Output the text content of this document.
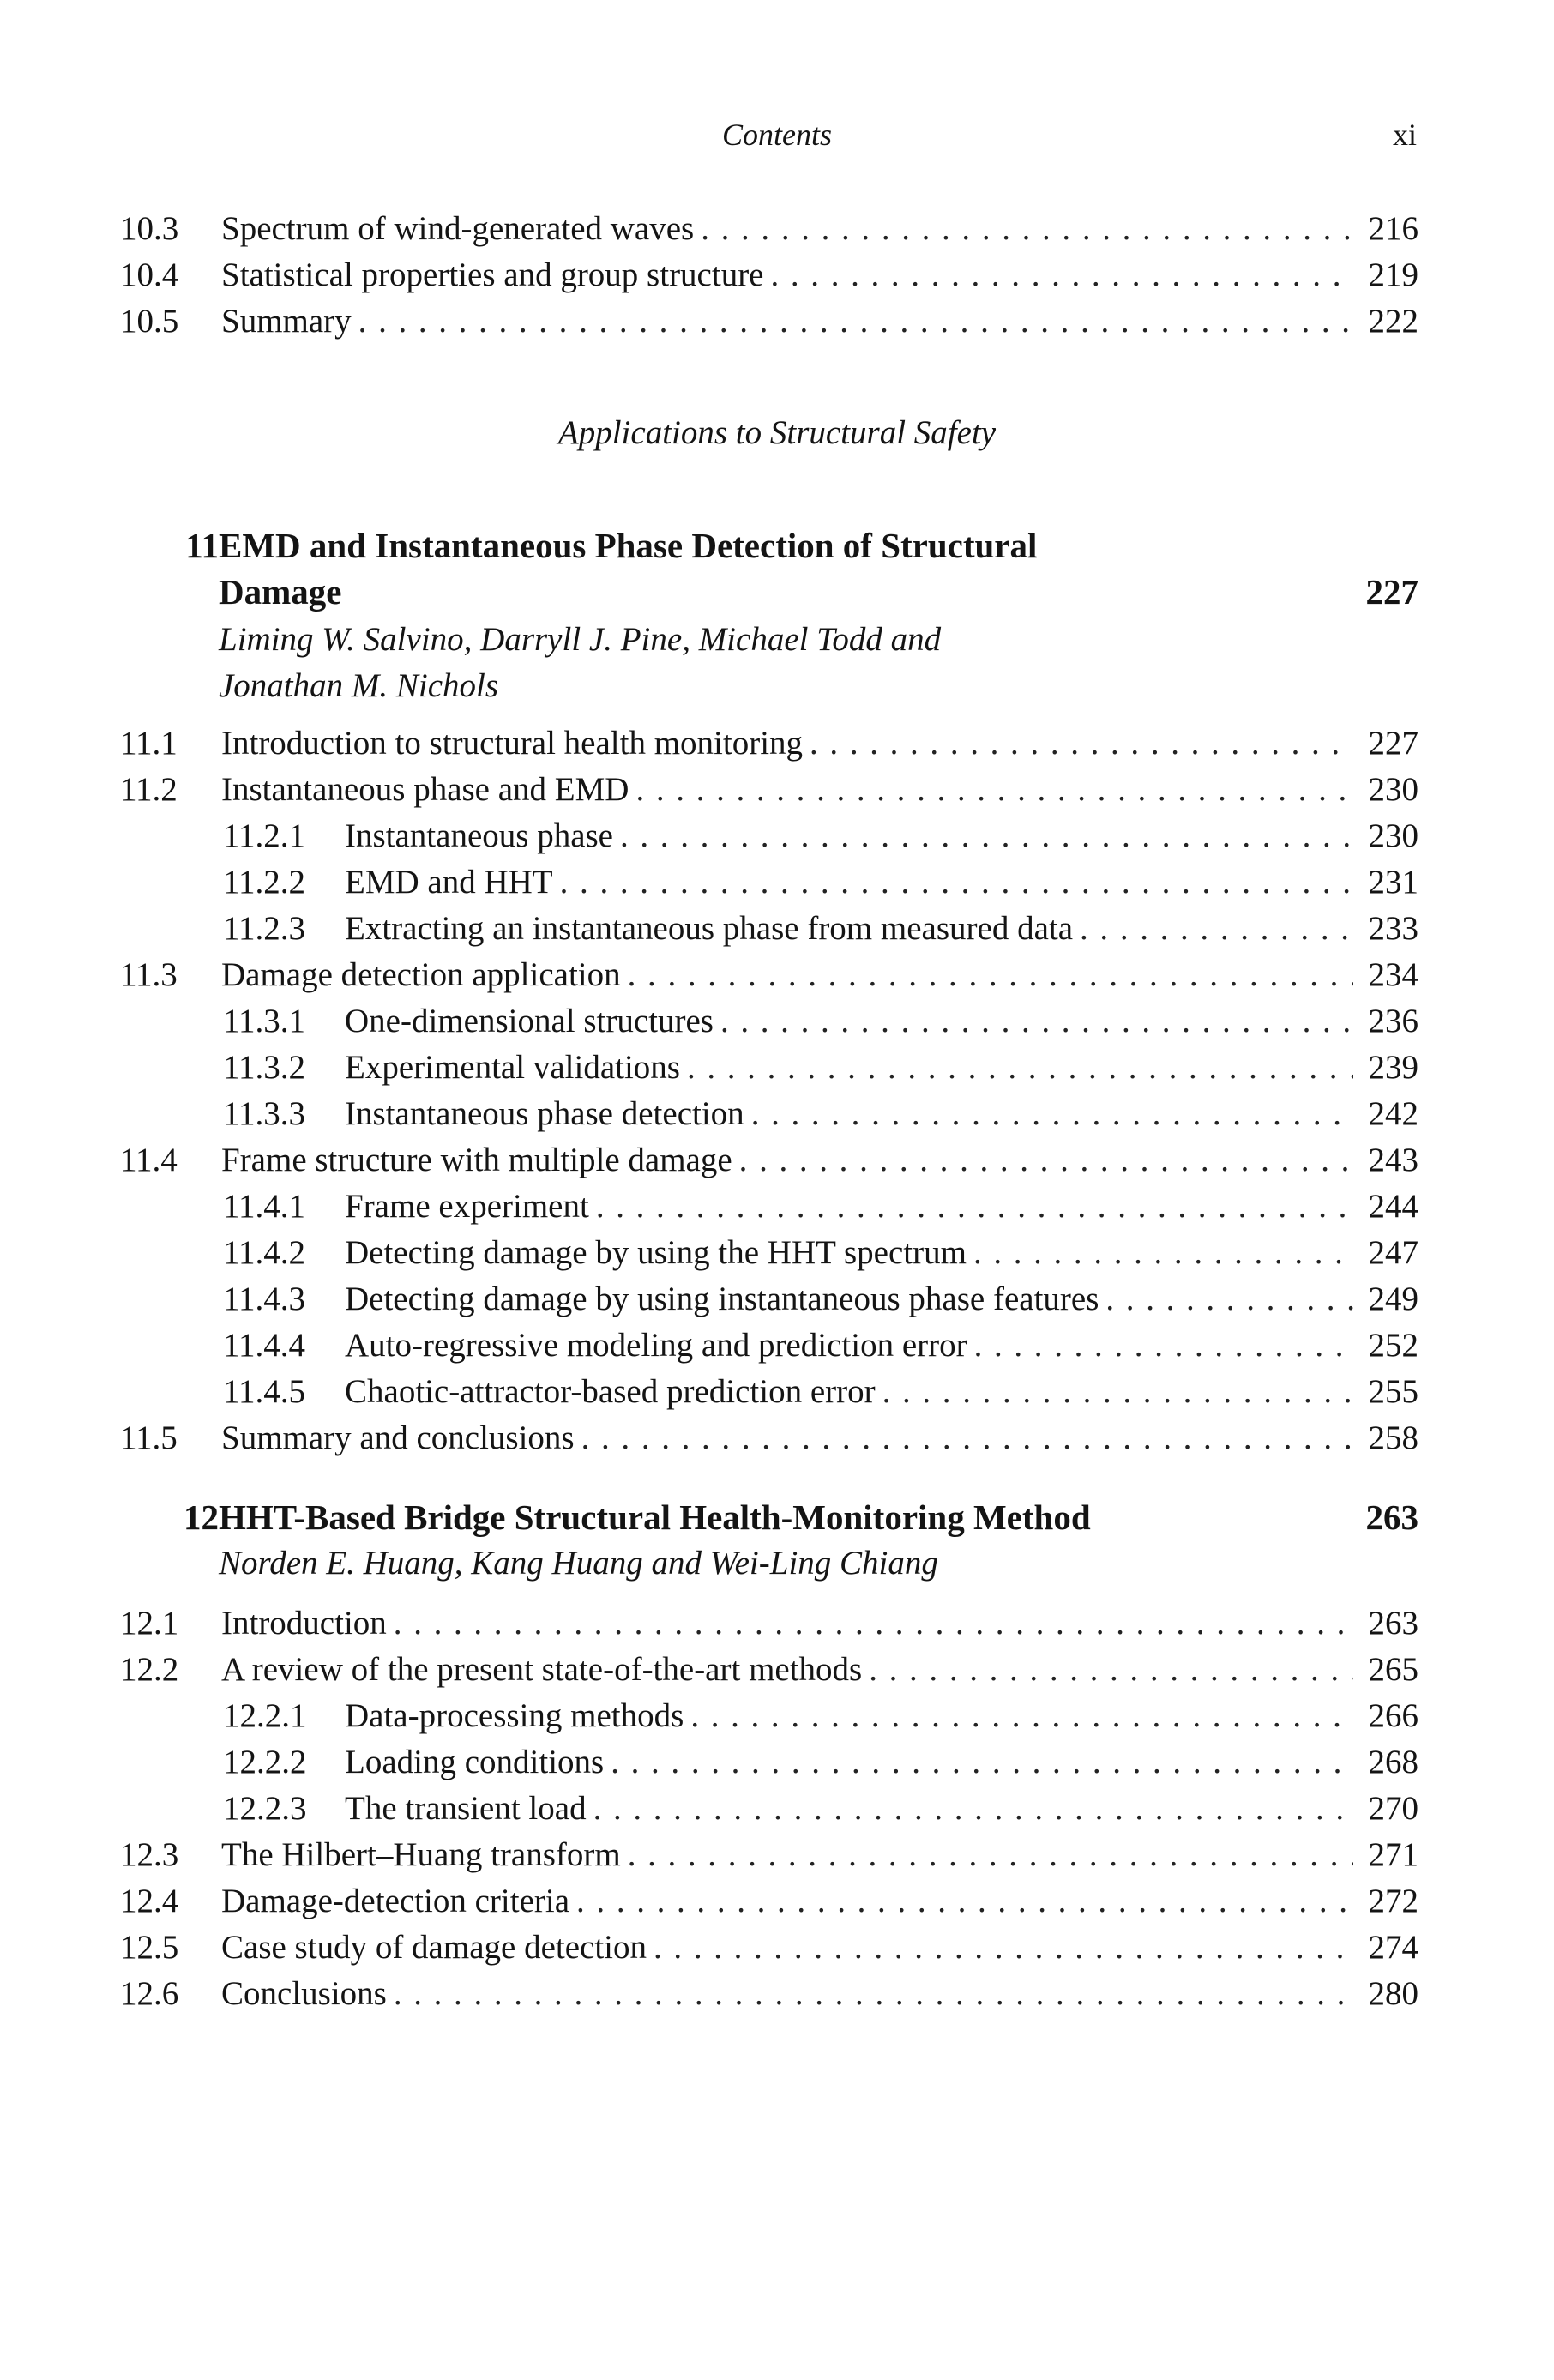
Contents	xi
10.3	Spectrum of wind-generated waves . . .	216
10.4	Statistical properties and group structure . . .	219
10.5	Summary . . .	222
Applications to Structural Safety
11 EMD and Instantaneous Phase Detection of Structural
Damage	227
Liming W. Salvino, Darryll J. Pine, Michael Todd and
Jonathan M. Nichols
11.1	Introduction to structural health monitoring . . .	227
11.2	Instantaneous phase and EMD . . .	230
11.2.1	Instantaneous phase . . .	230
11.2.2	EMD and HHT . . .	231
11.2.3	Extracting an instantaneous phase from measured data . . .	233
11.3	Damage detection application . . .	234
11.3.1	One-dimensional structures . . .	236
11.3.2	Experimental validations . . .	239
11.3.3	Instantaneous phase detection . . .	242
11.4	Frame structure with multiple damage . . .	243
11.4.1	Frame experiment . . .	244
11.4.2	Detecting damage by using the HHT spectrum . . .	247
11.4.3	Detecting damage by using instantaneous phase features . . .	249
11.4.4	Auto-regressive modeling and prediction error . . .	252
11.4.5	Chaotic-attractor-based prediction error . . .	255
11.5	Summary and conclusions . . .	258
12 HHT-Based Bridge Structural Health-Monitoring Method	263
Norden E. Huang, Kang Huang and Wei-Ling Chiang
12.1	Introduction . . .	263
12.2	A review of the present state-of-the-art methods . . .	265
12.2.1	Data-processing methods . . .	266
12.2.2	Loading conditions . . .	268
12.2.3	The transient load . . .	270
12.3	The Hilbert–Huang transform . . .	271
12.4	Damage-detection criteria . . .	272
12.5	Case study of damage detection . . .	274
12.6	Conclusions . . .	280
